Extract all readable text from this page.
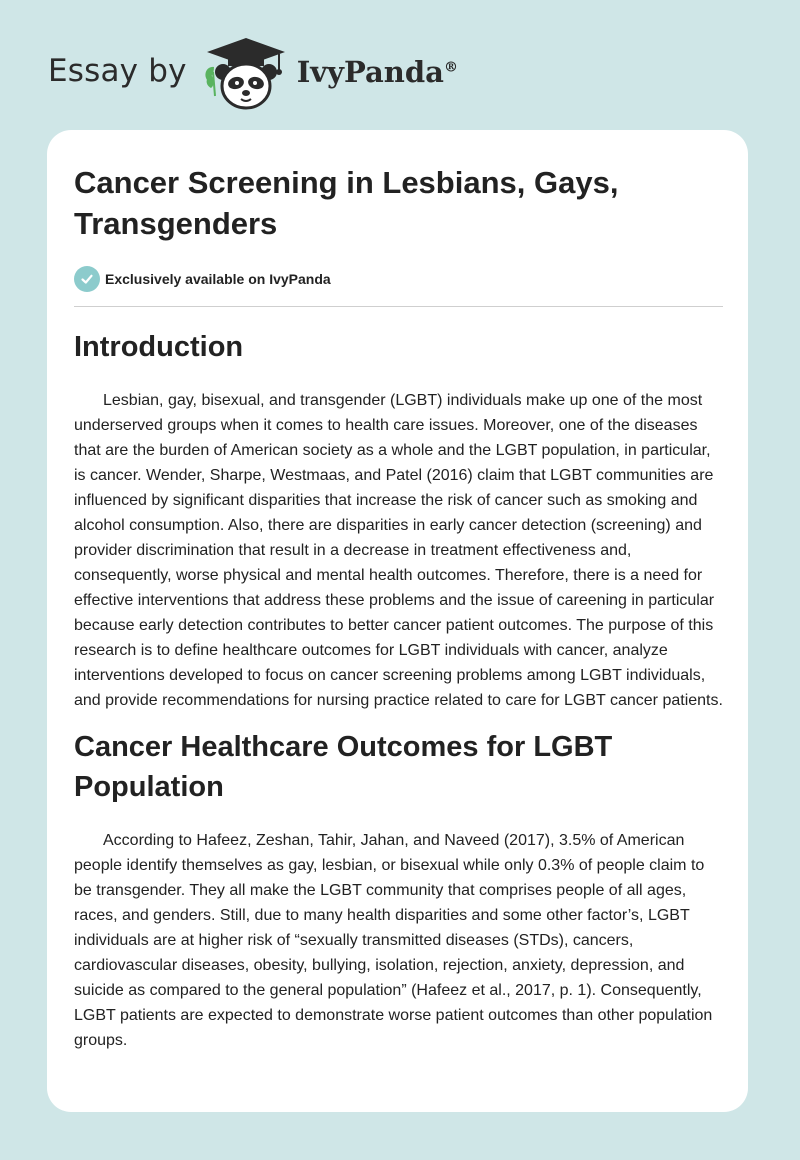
Essay by	IvyPanda®
Cancer Screening in Lesbians, Gays, Transgenders
Exclusively available on IvyPanda
Introduction

Lesbian, gay, bisexual, and transgender (LGBT) individuals make up one of the most underserved groups when it comes to health care issues. Moreover, one of the diseases that are the burden of American society as a whole and the LGBT population, in particular, is cancer. Wender, Sharpe, Westmaas, and Patel (2016) claim that LGBT communities are influenced by significant disparities that increase the risk of cancer such as smoking and alcohol consumption. Also, there are disparities in early cancer detection (screening) and provider discrimination that result in a decrease in treatment effectiveness and, consequently, worse physical and mental health outcomes. Therefore, there is a need for effective interventions that address these problems and the issue of careening in particular because early detection contributes to better cancer patient outcomes. The purpose of this research is to define healthcare outcomes for LGBT individuals with cancer, analyze interventions developed to focus on cancer screening problems among LGBT individuals, and provide recommendations for nursing practice related to care for LGBT cancer patients.

Cancer Healthcare Outcomes for LGBT Population

According to Hafeez, Zeshan, Tahir, Jahan, and Naveed (2017), 3.5% of American people identify themselves as gay, lesbian, or bisexual while only 0.3% of people claim to be transgender. They all make the LGBT community that comprises people of all ages, races, and genders. Still, due to many health disparities and some other factor’s, LGBT individuals are at higher risk of “sexually transmitted diseases (STDs), cancers, cardiovascular diseases, obesity, bullying, isolation, rejection, anxiety, depression, and suicide as compared to the general population” (Hafeez et al., 2017, p. 1). Consequently, LGBT patients are expected to demonstrate worse patient outcomes than other population groups.
